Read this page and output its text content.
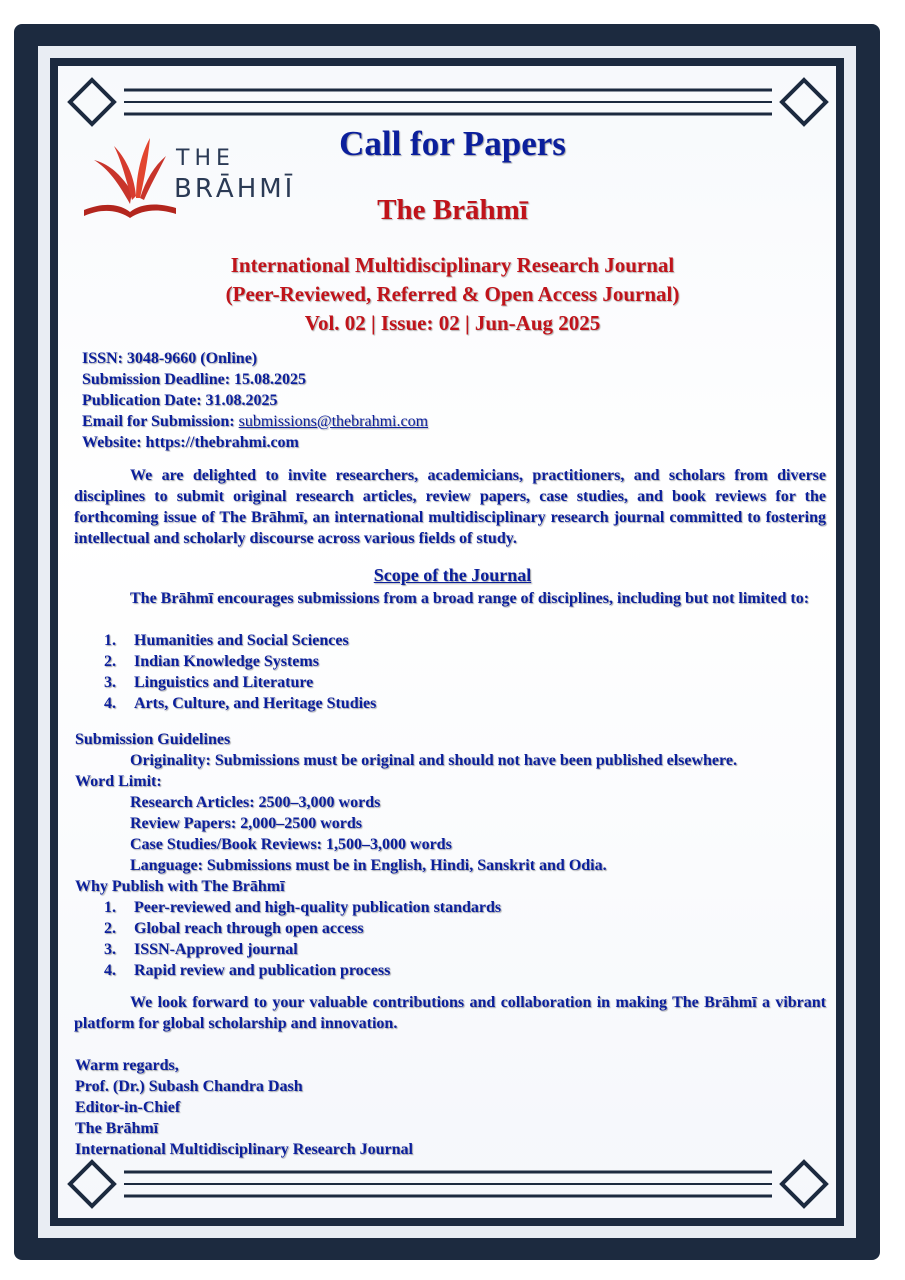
THE
BRĀHMĪ
Call for Papers
The Brāhmī
International Multidisciplinary Research Journal
(Peer-Reviewed, Referred & Open Access Journal)
Vol. 02 | Issue: 02 | Jun-Aug 2025
ISSN: 3048-9660 (Online)
Submission Deadline: 15.08.2025
Publication Date: 31.08.2025
Email for Submission: submissions@thebrahmi.com
Website: https://thebrahmi.com
We are delighted to invite researchers, academicians, practitioners, and scholars from diverse disciplines to submit original research articles, review papers, case studies, and book reviews for the forthcoming issue of The Brāhmī, an international multidisciplinary research journal committed to fostering intellectual and scholarly discourse across various fields of study.
Scope of the Journal
The Brāhmī encourages submissions from a broad range of disciplines, including but not limited to:
1. Humanities and Social Sciences
2. Indian Knowledge Systems
3. Linguistics and Literature
4. Arts, Culture, and Heritage Studies
Submission Guidelines
Originality: Submissions must be original and should not have been published elsewhere.
Word Limit:
Research Articles: 2500–3,000 words
Review Papers: 2,000–2500 words
Case Studies/Book Reviews: 1,500–3,000 words
Language: Submissions must be in English, Hindi, Sanskrit and Odia.
Why Publish with The Brāhmī
1. Peer-reviewed and high-quality publication standards
2. Global reach through open access
3. ISSN-Approved journal
4. Rapid review and publication process
We look forward to your valuable contributions and collaboration in making The Brāhmī a vibrant platform for global scholarship and innovation.
Warm regards,
Prof. (Dr.) Subash Chandra Dash
Editor-in-Chief
The Brāhmī
International Multidisciplinary Research Journal
